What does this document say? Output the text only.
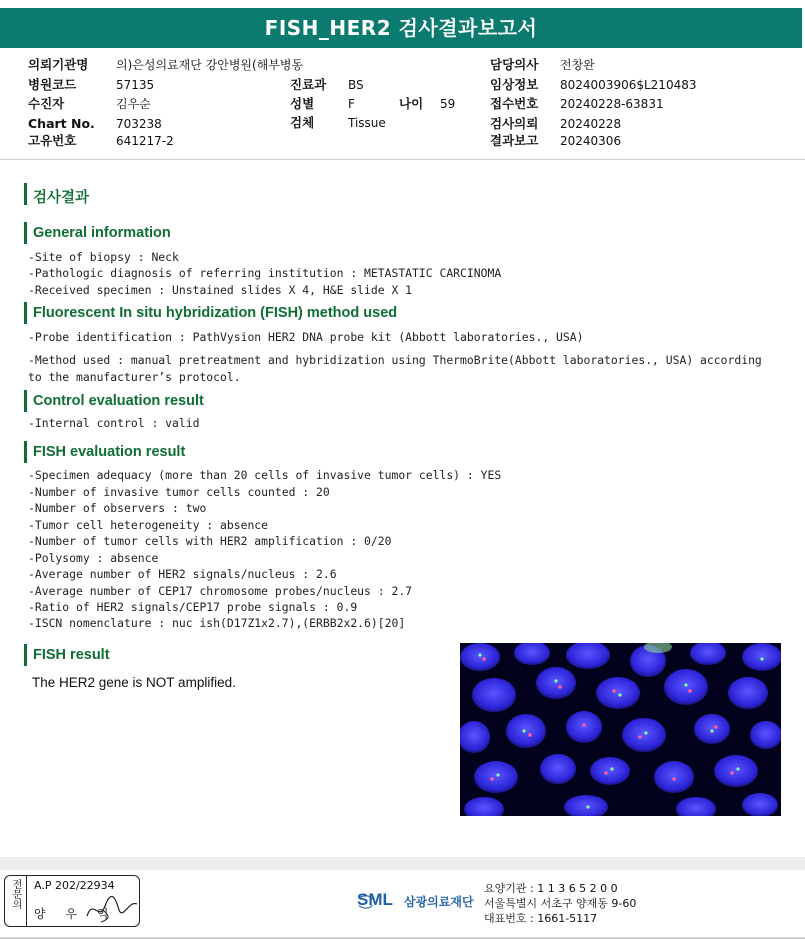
FISH_HER2 검사결과보고서
의뢰기관명 의)은성의료재단 강안병원(해부병동
병원코드	57135
수진자	김우순
Chart No. 703238
고유번호	641217-2
진료과 BS
성별	F	나이 59
검체	Tissue
담당의사 전창완
임상정보 8024003906$L210483
접수번호 20240228-63831
검사의뢰 20240228
결과보고 20240306
검사결과
General information
-Site of biopsy : Neck
-Pathologic diagnosis of referring institution : METASTATIC CARCINOMA
-Received specimen : Unstained slides X 4, H&E slide X 1
Fluorescent In situ hybridization (FISH) method used
-Probe identification : PathVysion HER2 DNA probe kit (Abbott laboratories., USA)
-Method used : manual pretreatment and hybridization using ThermoBrite(Abbott laboratories., USA) according
to the manufacturer’s protocol.
Control evaluation result
-Internal control : valid
FISH evaluation result
-Specimen adequacy (more than 20 cells of invasive tumor cells) : YES
-Number of invasive tumor cells counted : 20
-Number of observers : two
-Tumor cell heterogeneity : absence
-Number of tumor cells with HER2 amplification : 0/20
-Polysomy : absence
-Average number of HER2 signals/nucleus : 2.6
-Average number of CEP17 chromosome probes/nucleus : 2.7
-Ratio of HER2 signals/CEP17 probe signals : 0.9
-ISCN nomenclature : nuc ish(D17Z1x2.7),(ERBB2x2.6)[20]
FISH result
The HER2 gene is NOT amplified.
전문의 A.P 202/22934
양 우 익
SML 삼광의료재단
요양기관 : 1 1 3 6 5 2 0 0
서울특별시 서초구 양재동 9-60
대표번호 : 1661-5117
